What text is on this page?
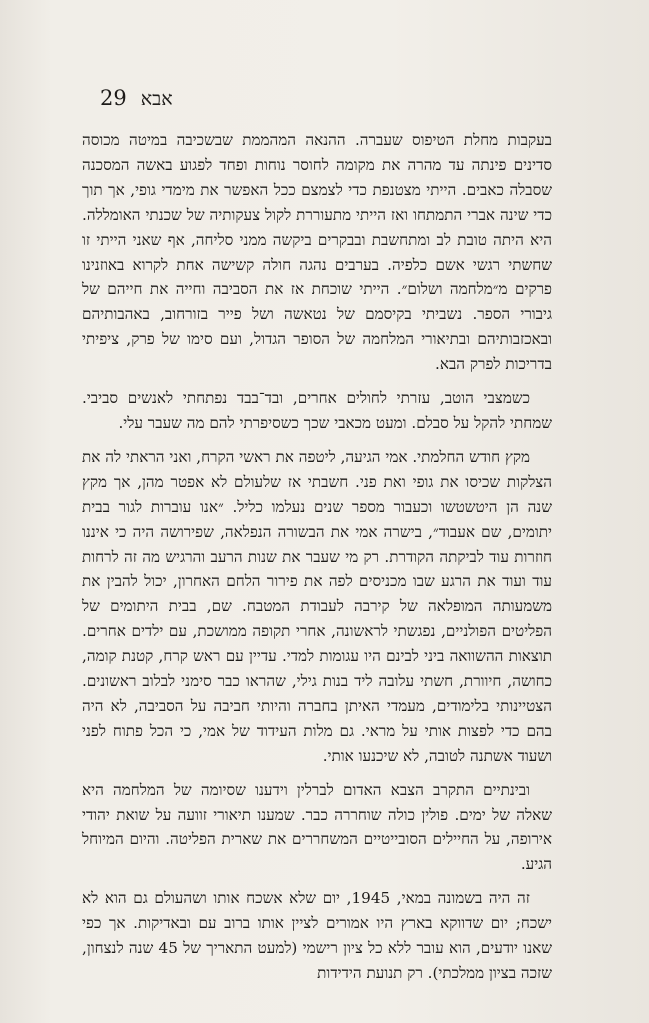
29 אבא

בעקבות מחלת הטיפוס שעברה. ההנאה המהממת שבשכיבה במיטה מכוסה סדינים פינתה עד מהרה את מקומה לחוסר נוחות ופחד לפגוע באשה המסכנה שסבלה כאבים. הייתי מצטנפת כדי לצמצם ככל האפשר את מימדי גופי, אך תוך כדי שינה אברי התמתחו ואז הייתי מתעוררת לקול צעקותיה של שכנתי האומללה. היא היתה טובת לב ומתחשבת ובבקרים ביקשה ממני סליחה, אף שאני הייתי זו שחשתי רגשי אשם כלפיה. בערבים נהגה חולה קשישה אחת לקרוא באוזנינו פרקים מ״מלחמה ושלום״. הייתי שוכחת אז את הסביבה וחייה את חייהם של גיבורי הספר. נשביתי בקיסמם של נטאשה ושל פייר בזורחוב, באהבותיהם ובאכזבותיהם ובתיאורי המלחמה של הסופר הגדול, ועם סימו של פרק, ציפיתי בדריכות לפרק הבא.

כשמצבי הוטב, עזרתי לחולים אחרים, ובד־בבד נפתחתי לאנשים סביבי. שמחתי להקל על סבלם. ומעט מכאבי שכך כשסיפרתי להם מה שעבר עלי.

מקץ חודש החלמתי. אמי הגיעה, ליטפה את ראשי הקרח, ואני הראתי לה את הצלקות שכיסו את גופי ואת פני. חשבתי אז שלעולם לא אפטר מהן, אך מקץ שנה הן היטשטשו וכעבור מספר שנים נעלמו כליל. ״אנו עוברות לגור בבית יתומים, שם אעבוד״, בישרה אמי את הבשורה הנפלאה, שפירושה היה כי איננו חוזרות עוד לביקתה הקודרת. רק מי שעבר את שנות הרעב והרגיש מה זה לרחות עוד ועוד את הרגע שבו מכניסים לפה את פירור הלחם האחרון, יכול להבין את משמעותה המופלאה של קירבה לעבודת המטבח. שם, בבית היתומים של הפליטים הפולניים, נפגשתי לראשונה, אחרי תקופה ממושכת, עם ילדים אחרים. תוצאות ההשוואה ביני לבינם היו עגומות למדי. עדיין עם ראש קרח, קטנת קומה, כחושה, חיוורת, חשתי עלובה ליד בנות גילי, שהראו כבר סימני לבלוב ראשונים. הצטיינותי בלימודים, מעמדי האיתן בחברה והיותי חביבה על הסביבה, לא היה בהם כדי לפצות אותי על מראי. גם מלות העידוד של אמי, כי הכל פתוח לפני ושעוד אשתנה לטובה, לא שיכנעו אותי.

ובינתיים התקרב הצבא האדום לברלין וידענו שסיומה של המלחמה היא שאלה של ימים. פולין כולה שוחררה כבר. שמענו תיאורי זוועה על שואת יהודי אירופה, על החיילים הסובייטיים המשחררים את שארית הפליטה. והיום המיוחל הגיע.

זה היה בשמונה במאי, 1945, יום שלא אשכח אותו ושהעולם גם הוא לא ישכח; יום שדווקא בארץ היו אמורים לציין אותו ברוב עם ובאדיקות. אך כפי שאנו יודעים, הוא עובר ללא כל ציון רישמי (למעט התאריך של 45 שנה לנצחון, שזכה בציון ממלכתי). רק תנועת הידידות
